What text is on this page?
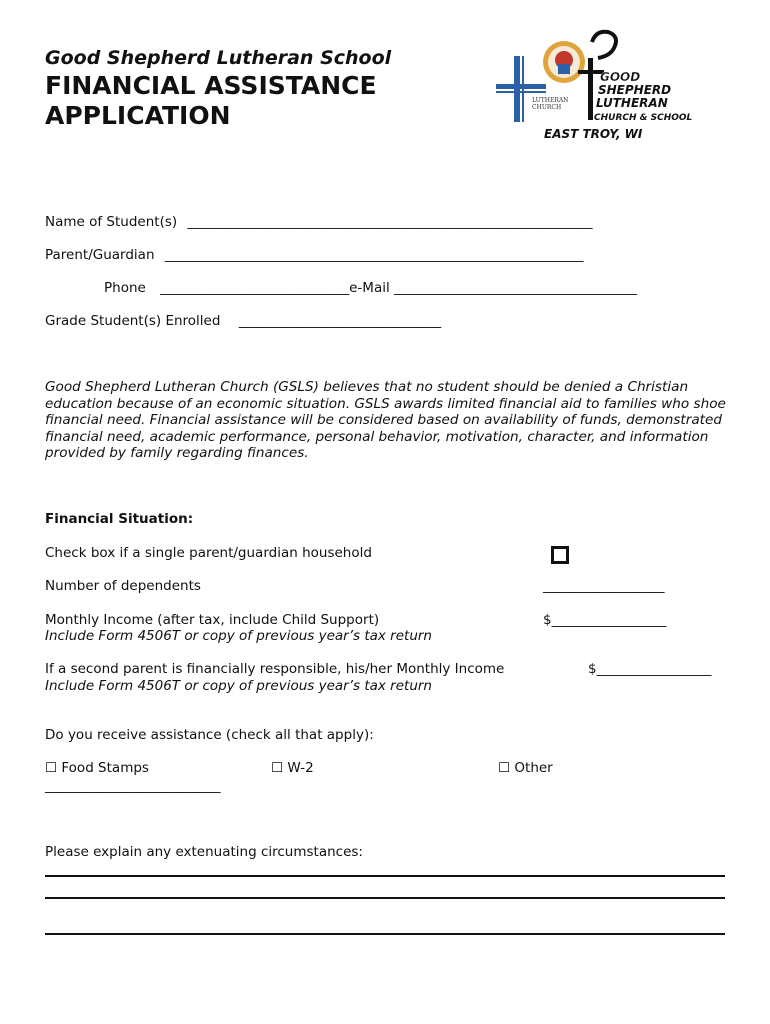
Good Shepherd Lutheran School
FINANCIAL ASSISTANCE APPLICATION
LUTHERAN
CHURCH
GOOD
SHEPHERD
LUTHERAN
CHURCH & SCHOOL
EAST TROY, WI
Name of Student(s) ____________________________________________________________
Parent/Guardian ______________________________________________________________
Phone ____________________________e-Mail ____________________________________
Grade Student(s) Enrolled ______________________________
Good Shepherd Lutheran Church (GSLS) believes that no student should be denied a Christian education because of an economic situation. GSLS awards limited financial aid to families who shoe financial need. Financial assistance will be considered based on availability of funds, demonstrated financial need, academic performance, personal behavior, motivation, character, and information provided by family regarding finances.
Financial Situation:
Check box if a single parent/guardian household
Number of dependents	__________________
Monthly Income (after tax, include Child Support)
Include Form 4506T or copy of previous year’s tax return
$_________________
If a second parent is financially responsible, his/her Monthly Income
Include Form 4506T or copy of previous year’s tax return
$_________________
Do you receive assistance (check all that apply):
☐ Food Stamps	☐ W-2	☐ Other
__________________________
Please explain any extenuating circumstances:
